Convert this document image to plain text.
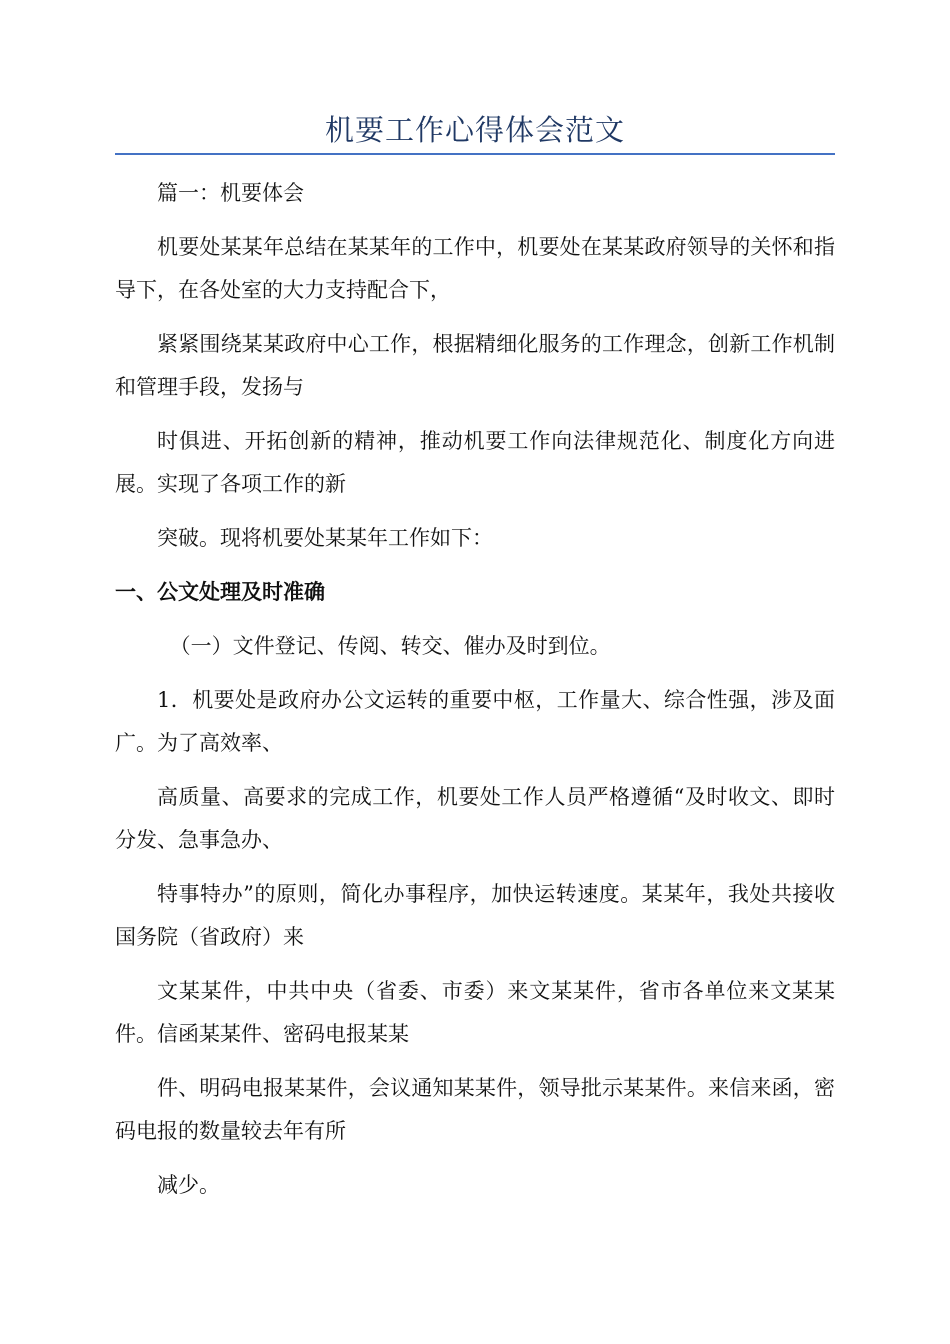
机要工作心得体会范文

篇一：机要体会

机要处某某年总结在某某年的工作中，机要处在某某政府领导的关怀和指导下，在各处室的大力支持配合下，

紧紧围绕某某政府中心工作，根据精细化服务的工作理念，创新工作机制和管理手段，发扬与

时俱进、开拓创新的精神，推动机要工作向法律规范化、制度化方向进展。实现了各项工作的新

突破。现将机要处某某年工作如下：

一、公文处理及时准确

（一）文件登记、传阅、转交、催办及时到位。

1．机要处是政府办公文运转的重要中枢，工作量大、综合性强，涉及面广。为了高效率、

高质量、高要求的完成工作，机要处工作人员严格遵循“及时收文、即时分发、急事急办、

特事特办”的原则，简化办事程序，加快运转速度。某某年，我处共接收国务院（省政府）来

文某某件，中共中央（省委、市委）来文某某件，省市各单位来文某某件。信函某某件、密码电报某某

件、明码电报某某件，会议通知某某件，领导批示某某件。来信来函，密码电报的数量较去年有所

减少。
